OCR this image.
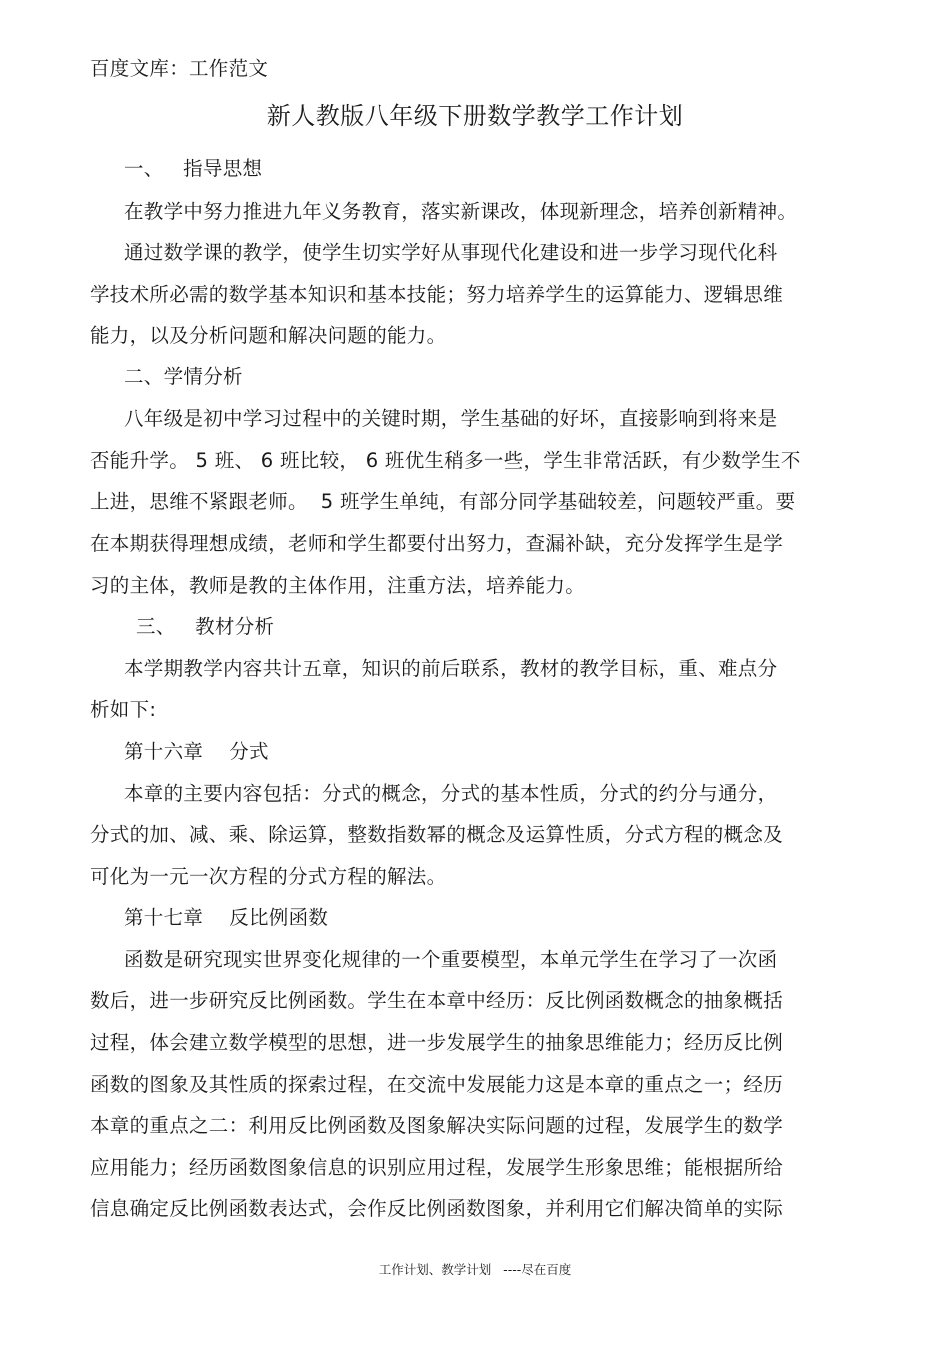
百度文库：工作范文
新人教版八年级下册数学教学工作计划
一、   指导思想
在教学中努力推进九年义务教育，落实新课改，体现新理念，培养创新精神。
通过数学课的教学，使学生切实学好从事现代化建设和进一步学习现代化科
学技术所必需的数学基本知识和基本技能；努力培养学生的运算能力、逻辑思维
能力，以及分析问题和解决问题的能力。
二、学情分析
八年级是初中学习过程中的关键时期，学生基础的好坏，直接影响到将来是
否能升学。 5 班、 6 班比较， 6 班优生稍多一些，学生非常活跃，有少数学生不
上进，思维不紧跟老师。  5 班学生单纯，有部分同学基础较差，问题较严重。要
在本期获得理想成绩，老师和学生都要付出努力，查漏补缺，充分发挥学生是学
习的主体，教师是教的主体作用，注重方法，培养能力。
三、   教材分析
本学期教学内容共计五章，知识的前后联系，教材的教学目标，重、难点分
析如下:
第十六章    分式
本章的主要内容包括：分式的概念，分式的基本性质，分式的约分与通分，
分式的加、减、乘、除运算，整数指数幂的概念及运算性质，分式方程的概念及
可化为一元一次方程的分式方程的解法。
第十七章    反比例函数
函数是研究现实世界变化规律的一个重要模型，本单元学生在学习了一次函
数后，进一步研究反比例函数。学生在本章中经历：反比例函数概念的抽象概括
过程，体会建立数学模型的思想，进一步发展学生的抽象思维能力；经历反比例
函数的图象及其性质的探索过程，在交流中发展能力这是本章的重点之一；经历
本章的重点之二：利用反比例函数及图象解决实际问题的过程，发展学生的数学
应用能力；经历函数图象信息的识别应用过程，发展学生形象思维；能根据所给
信息确定反比例函数表达式，会作反比例函数图象，并利用它们解决简单的实际
工作计划、教学计划   ----尽在百度
